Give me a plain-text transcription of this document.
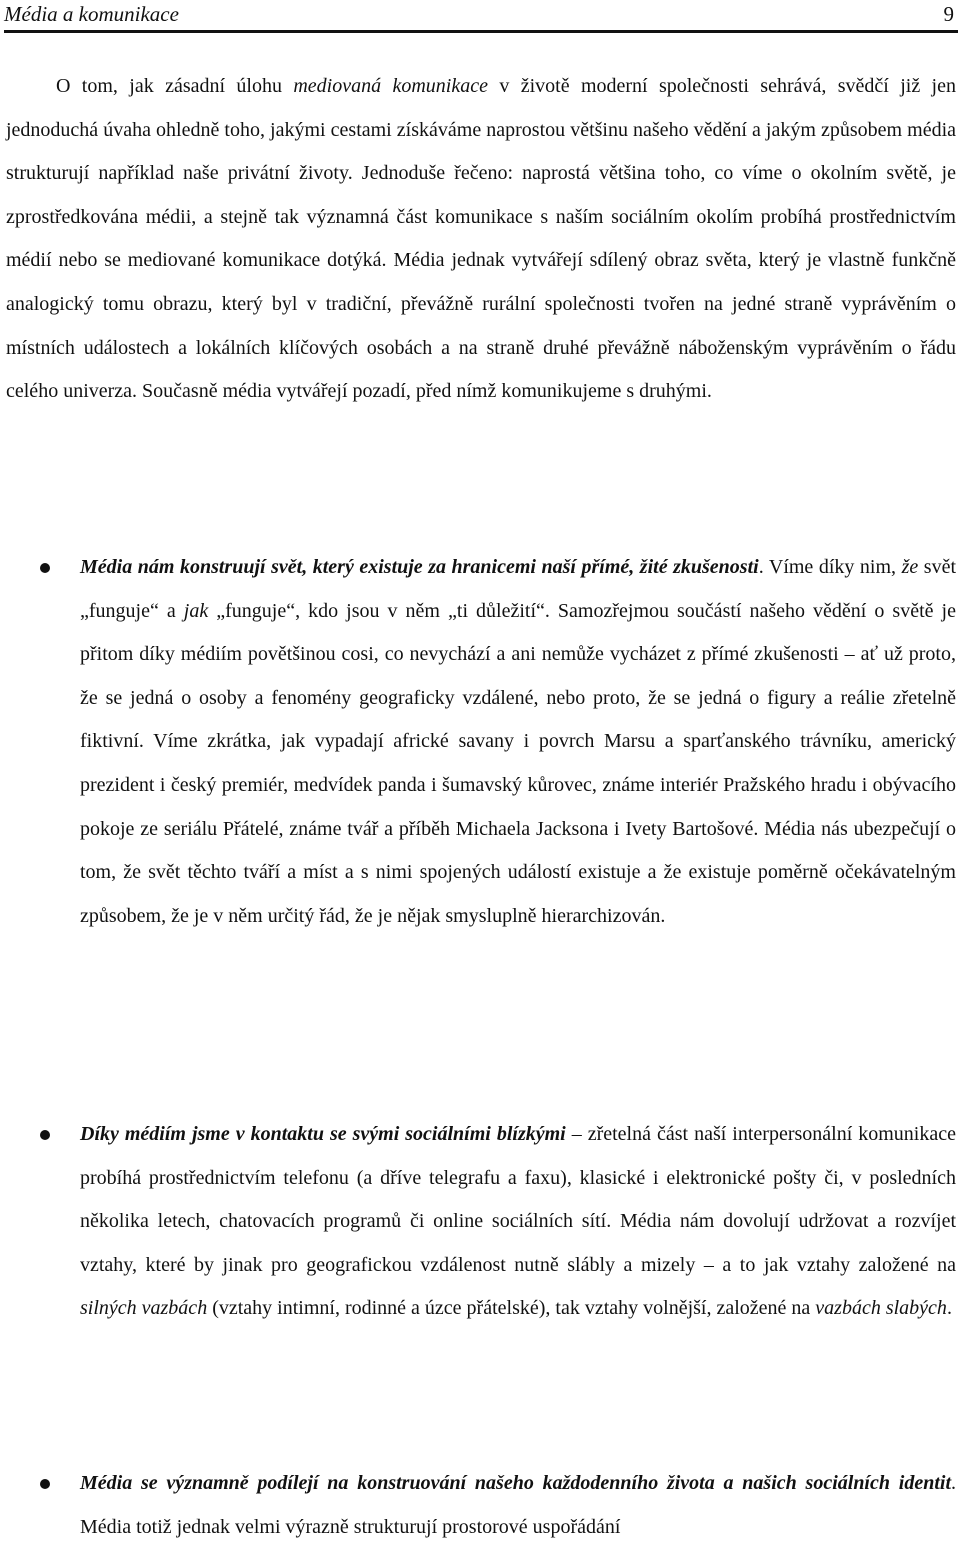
Média a komunikace	9

O tom, jak zásadní úlohu mediovaná komunikace v životě moderní společnosti sehrává, svědčí již jen jednoduchá úvaha ohledně toho, jakými cestami získáváme naprostou většinu našeho vědění a jakým způsobem média strukturují například naše privátní životy. Jednoduše řečeno: naprostá většina toho, co víme o okolním světě, je zprostředkována médii, a stejně tak významná část komunikace s naším sociálním okolím probíhá prostřednictvím médií nebo se mediované komunikace dotýká. Média jednak vytvářejí sdílený obraz světa, který je vlastně funkčně analogický tomu obrazu, který byl v tradiční, převážně rurální společnosti tvořen na jedné straně vyprávěním o místních událostech a lokálních klíčových osobách a na straně druhé převážně náboženským vyprávěním o řádu celého univerza. Současně média vytvářejí pozadí, před nímž komunikujeme s druhými.

Média nám konstruují svět, který existuje za hranicemi naší přímé, žité zkušenosti. Víme díky nim, že svět „funguje“ a jak „funguje“, kdo jsou v něm „ti důležití“. Samozřejmou součástí našeho vědění o světě je přitom díky médiím povětšinou cosi, co nevychází a ani nemůže vycházet z přímé zkušenosti – ať už proto, že se jedná o osoby a fenomény geograficky vzdálené, nebo proto, že se jedná o figury a reálie zřetelně fiktivní. Víme zkrátka, jak vypadají africké savany i povrch Marsu a sparťanského trávníku, americký prezident i český premiér, medvídek panda i šumavský kůrovec, známe interiér Pražského hradu i obývacího pokoje ze seriálu Přátelé, známe tvář a příběh Michaela Jacksona i Ivety Bartošové. Média nás ubezpečují o tom, že svět těchto tváří a míst a s nimi spojených událostí existuje a že existuje poměrně očekávatelným způsobem, že je v něm určitý řád, že je nějak smysluplně hierarchizován.

Díky médiím jsme v kontaktu se svými sociálními blízkými – zřetelná část naší interpersonální komunikace probíhá prostřednictvím telefonu (a dříve telegrafu a faxu), klasické i elektronické pošty či, v posledních několika letech, chatovacích programů či online sociálních sítí. Média nám dovolují udržovat a rozvíjet vztahy, které by jinak pro geografickou vzdálenost nutně slábly a mizely – a to jak vztahy založené na silných vazbách (vztahy intimní, rodinné a úzce přátelské), tak vztahy volnější, založené na vazbách slabých.

Média se významně podílejí na konstruování našeho každodenního života a našich sociálních identit. Média totiž jednak velmi výrazně strukturují prostorové uspořádání
